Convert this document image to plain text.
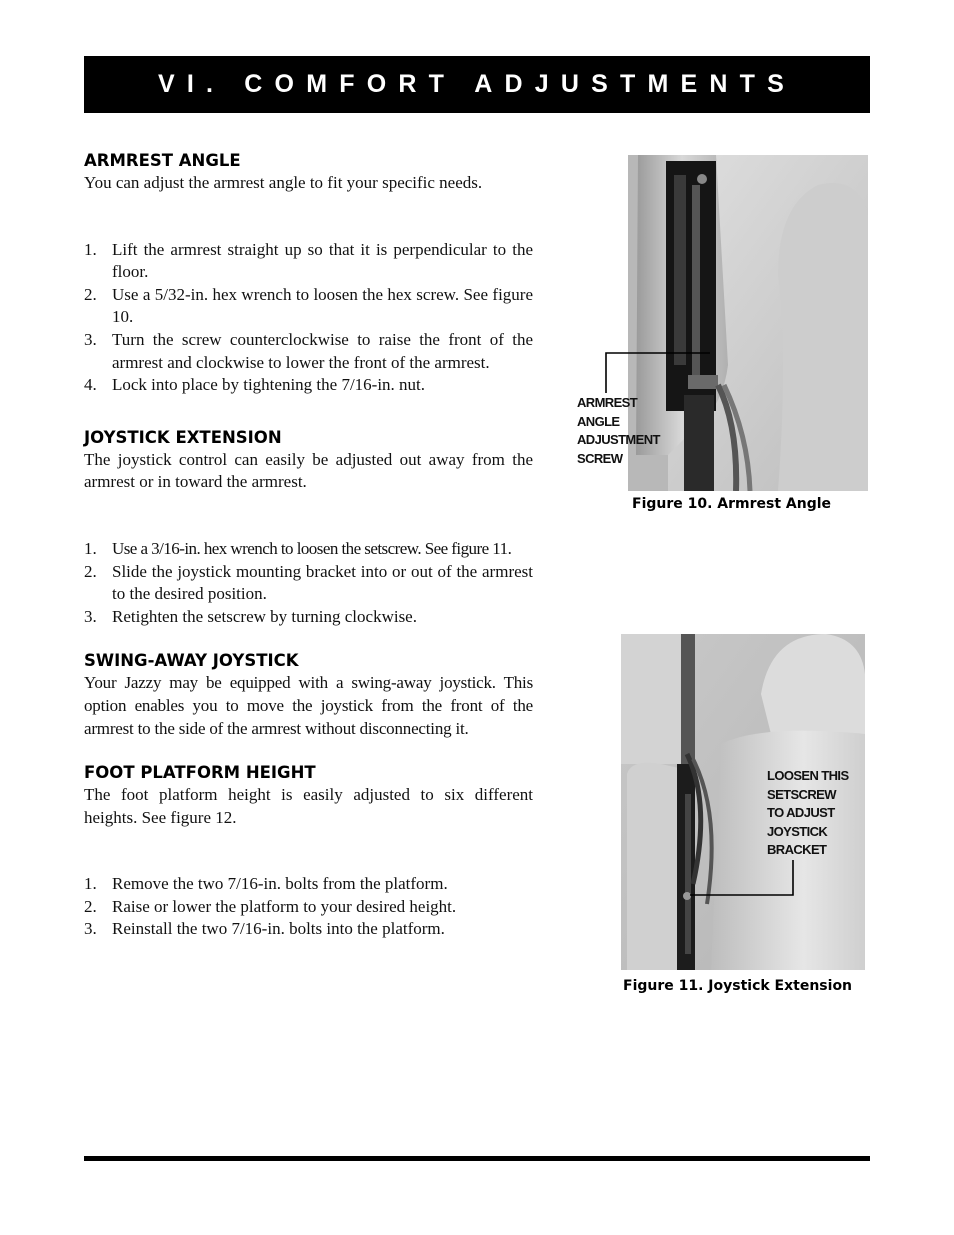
VI. COMFORT ADJUSTMENTS
ARMREST ANGLE

You can adjust the armrest angle to fit your specific needs.

1. Lift the armrest straight up so that it is perpendicular to the floor.
2. Use a 5/32-in. hex wrench to loosen the hex screw. See figure 10.
3. Turn the screw counterclockwise to raise the front of the armrest and clockwise to lower the front of the armrest.
4. Lock into place by tightening the 7/16-in. nut.
JOYSTICK EXTENSION

The joystick control can easily be adjusted out away from the armrest or in toward the armrest.

1. Use a 3/16-in. hex wrench to loosen the setscrew. See figure 11.
2. Slide the joystick mounting bracket into or out of the armrest to the desired position.
3. Retighten the setscrew by turning clockwise.
SWING-AWAY JOYSTICK

Your Jazzy may be equipped with a swing-away joystick. This option enables you to move the joystick from the front of the armrest to the side of the armrest without disconnecting it.

FOOT PLATFORM HEIGHT

The foot platform height is easily adjusted to six different heights. See figure 12.

1. Remove the two 7/16-in. bolts from the platform.
2. Raise or lower the platform to your desired height.
3. Reinstall the two 7/16-in. bolts into the platform.
ARMREST
ANGLE
ADJUSTMENT
SCREW
Figure 10. Armrest Angle
LOOSEN THIS
SETSCREW
TO ADJUST
JOYSTICK
BRACKET
Figure 11. Joystick Extension
